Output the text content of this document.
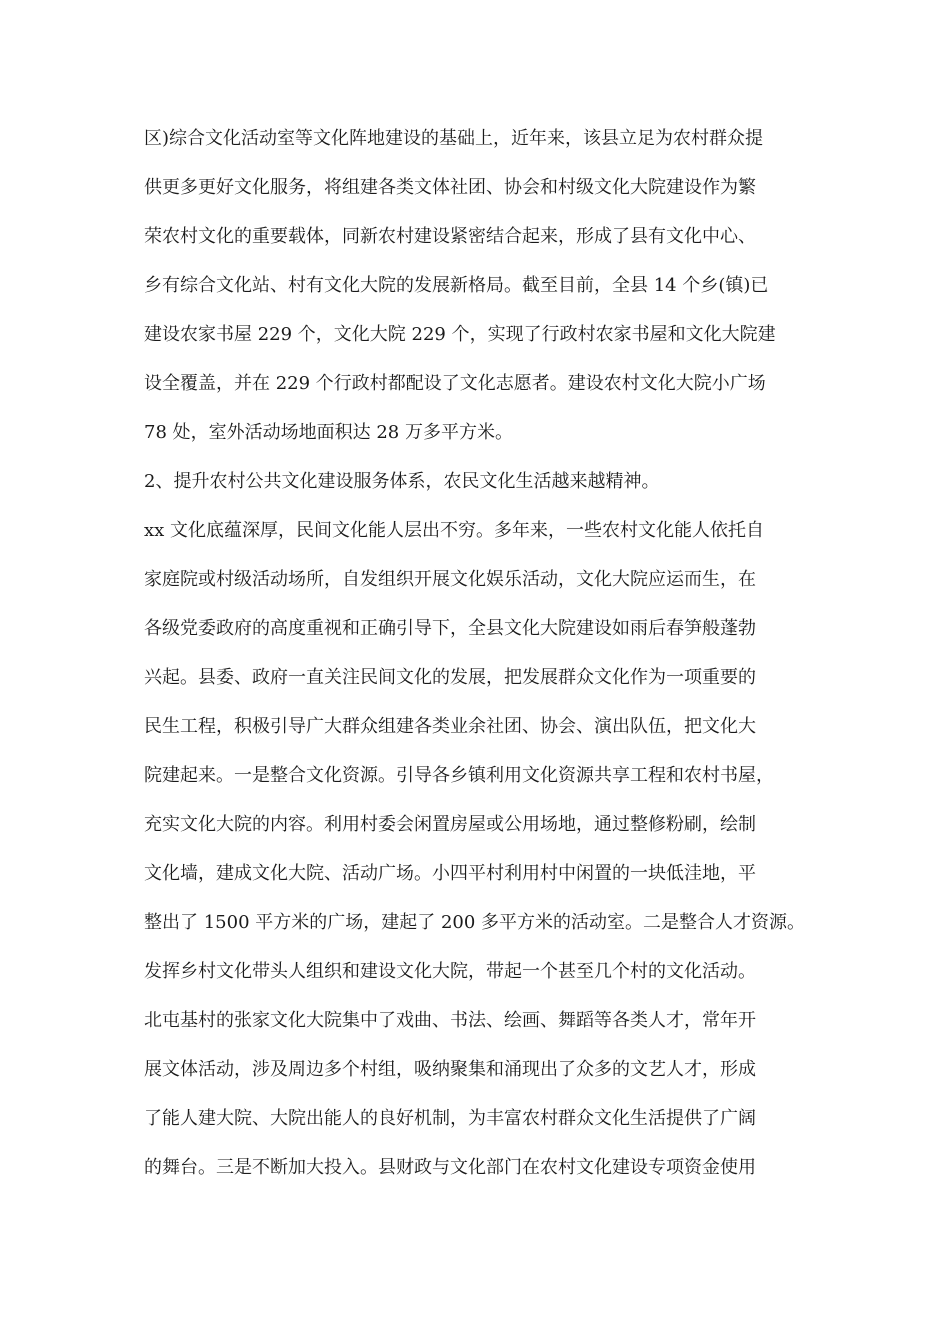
区)综合文化活动室等文化阵地建设的基础上，近年来，该县立足为农村群众提
供更多更好文化服务，将组建各类文体社团、协会和村级文化大院建设作为繁
荣农村文化的重要载体，同新农村建设紧密结合起来，形成了县有文化中心、
乡有综合文化站、村有文化大院的发展新格局。截至目前，全县 14 个乡(镇)已
建设农家书屋 229 个，文化大院 229 个，实现了行政村农家书屋和文化大院建
设全覆盖，并在 229 个行政村都配设了文化志愿者。建设农村文化大院小广场
78 处，室外活动场地面积达 28 万多平方米。
2、提升农村公共文化建设服务体系，农民文化生活越来越精神。
xx 文化底蕴深厚，民间文化能人层出不穷。多年来，一些农村文化能人依托自
家庭院或村级活动场所，自发组织开展文化娱乐活动，文化大院应运而生，在
各级党委政府的高度重视和正确引导下，全县文化大院建设如雨后春笋般蓬勃
兴起。县委、政府一直关注民间文化的发展，把发展群众文化作为一项重要的
民生工程，积极引导广大群众组建各类业余社团、协会、演出队伍，把文化大
院建起来。一是整合文化资源。引导各乡镇利用文化资源共享工程和农村书屋，
充实文化大院的内容。利用村委会闲置房屋或公用场地，通过整修粉刷，绘制
文化墙，建成文化大院、活动广场。小四平村利用村中闲置的一块低洼地，平
整出了 1500 平方米的广场，建起了 200 多平方米的活动室。二是整合人才资源。
发挥乡村文化带头人组织和建设文化大院，带起一个甚至几个村的文化活动。
北屯基村的张家文化大院集中了戏曲、书法、绘画、舞蹈等各类人才，常年开
展文体活动，涉及周边多个村组，吸纳聚集和涌现出了众多的文艺人才，形成
了能人建大院、大院出能人的良好机制，为丰富农村群众文化生活提供了广阔
的舞台。三是不断加大投入。县财政与文化部门在农村文化建设专项资金使用
